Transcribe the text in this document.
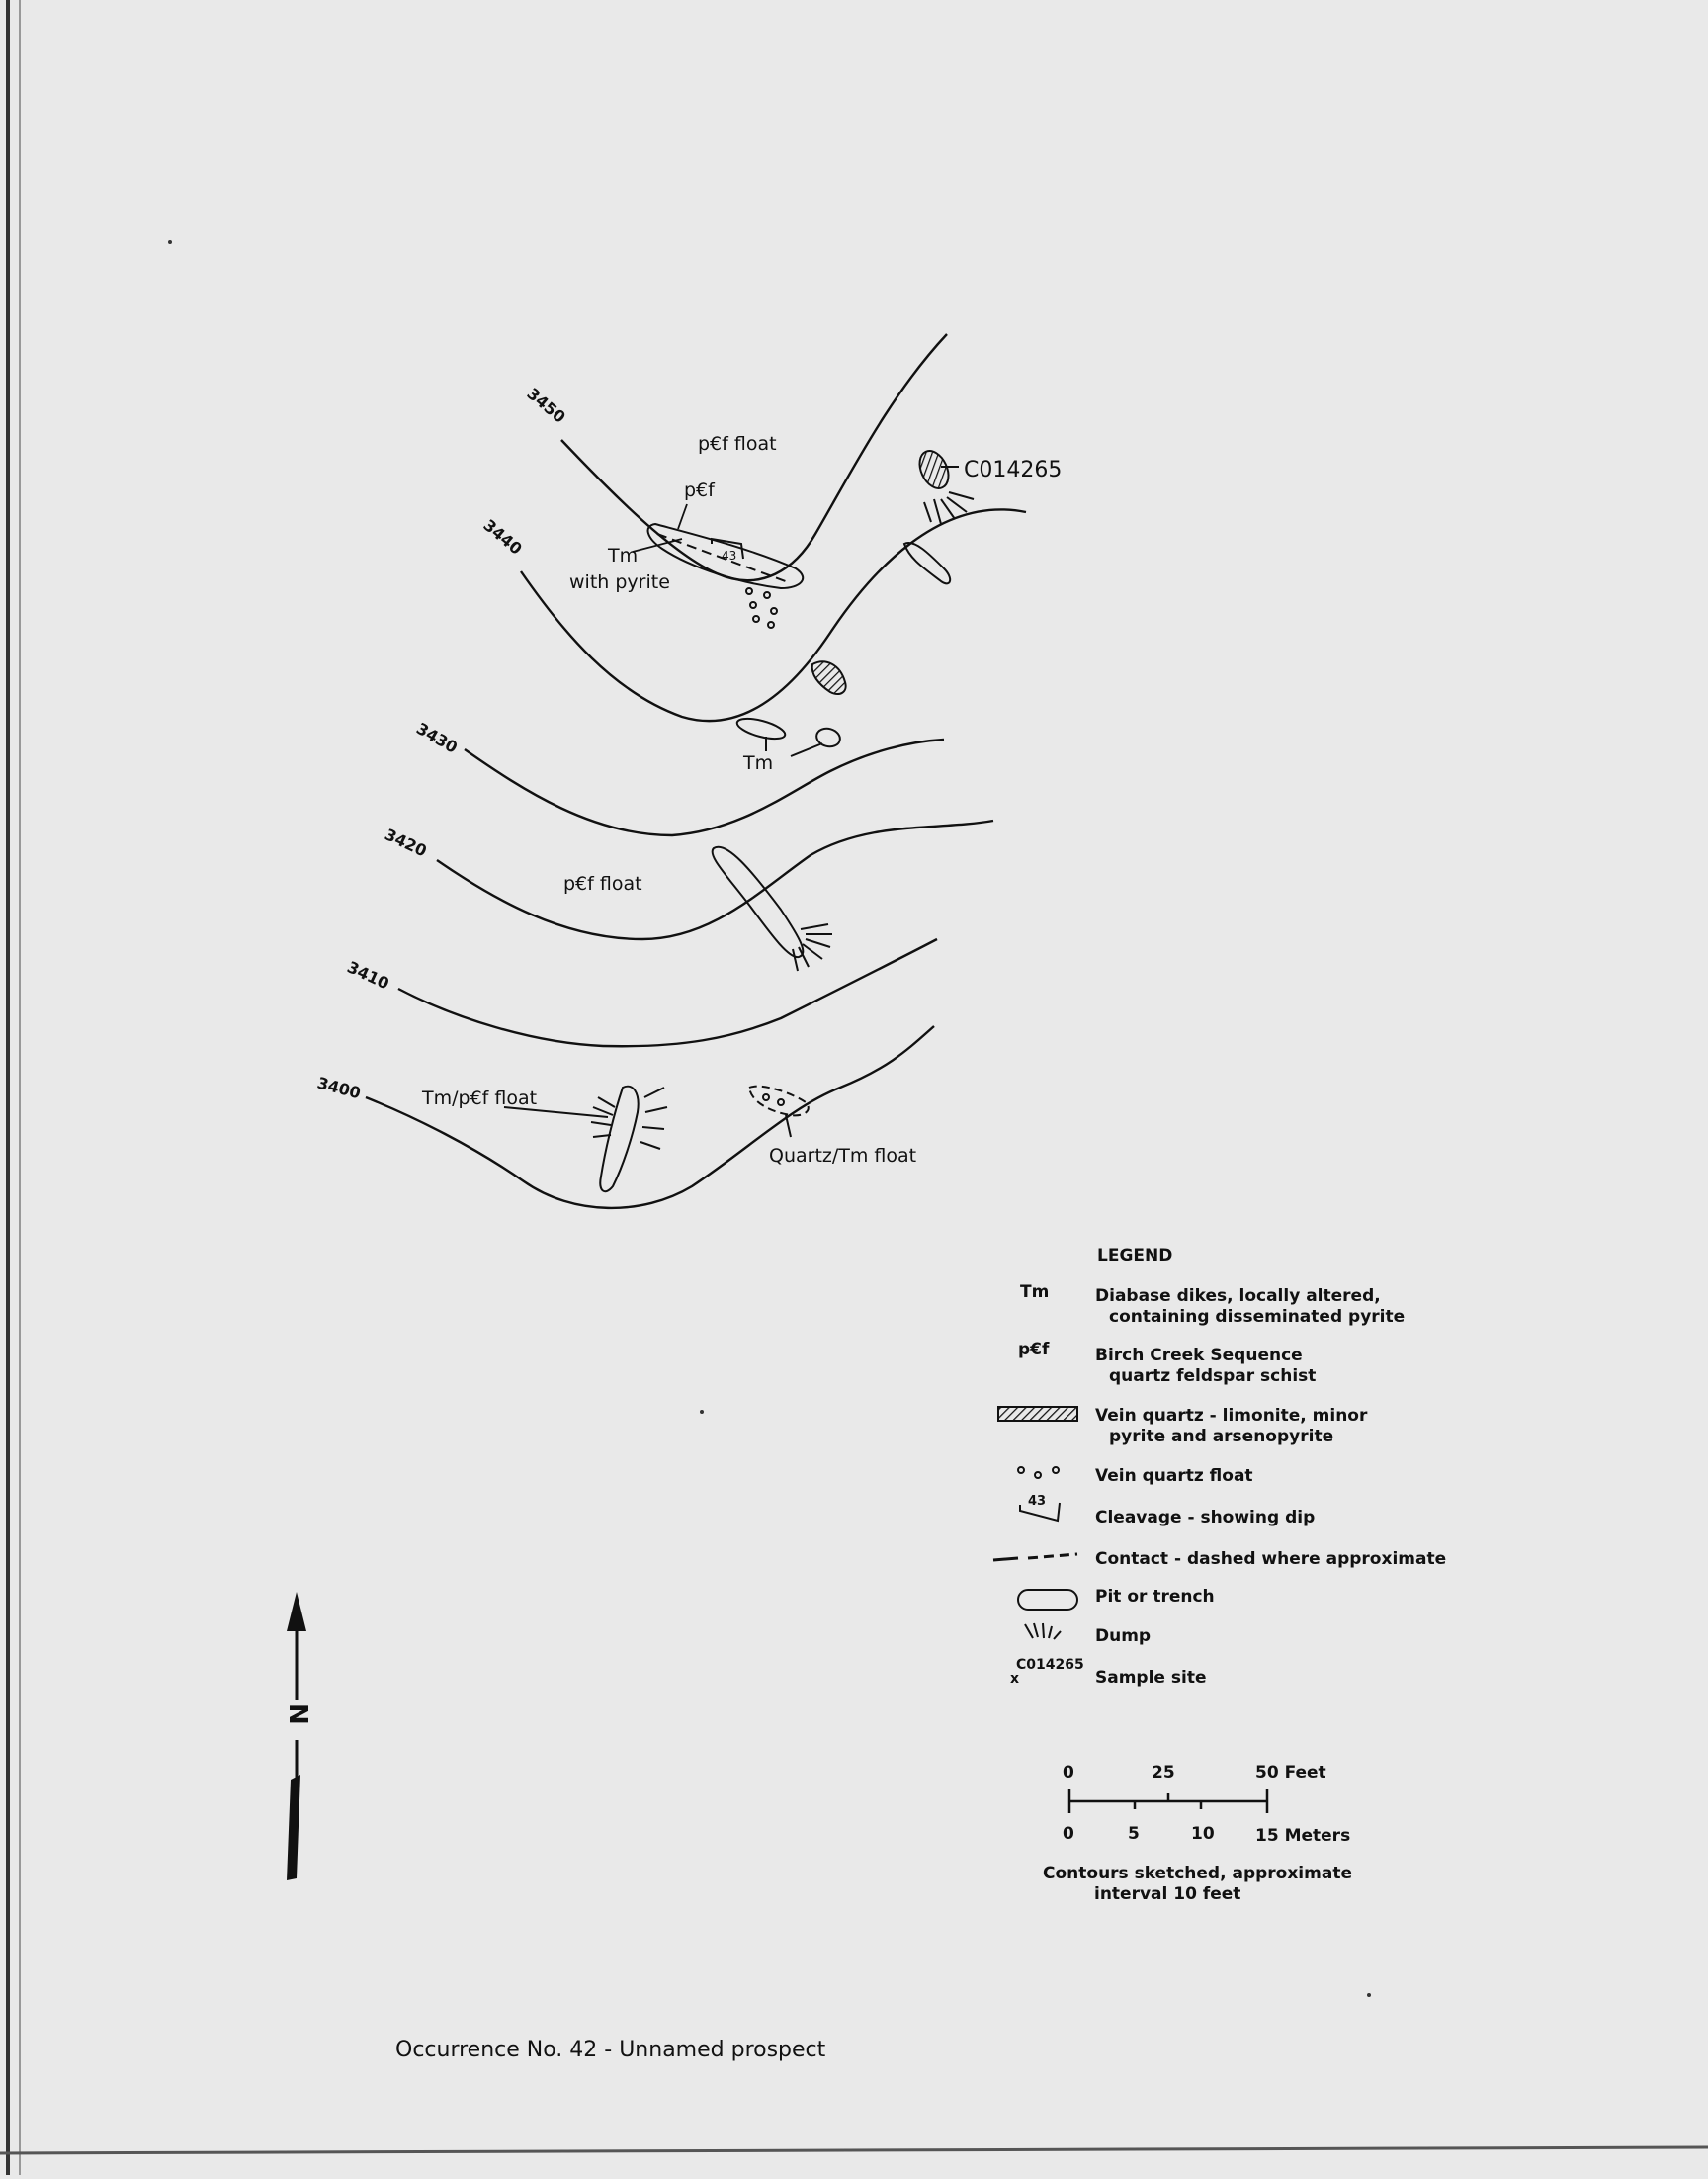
3450
3440
3430
3420
3410
3400
43
p€f float
p€f
Tm
with pyrite
C014265
Tm
p€f float
Tm/p€f float
Quartz/Tm float
LEGEND
Tm	Diabase dikes, locally altered,
containing disseminated pyrite
p€f	Birch Creek Sequence
quartz feldspar schist
Vein quartz - limonite, minor
pyrite and arsenopyrite
Vein quartz float
43
Cleavage - showing dip
Contact - dashed where approximate
Pit or trench
Dump
C014265
x	Sample site
0	25	50 Feet
0	5	10 15 Meters
Contours sketched, approximate
interval 10 feet
N
Occurrence No. 42 - Unnamed prospect
